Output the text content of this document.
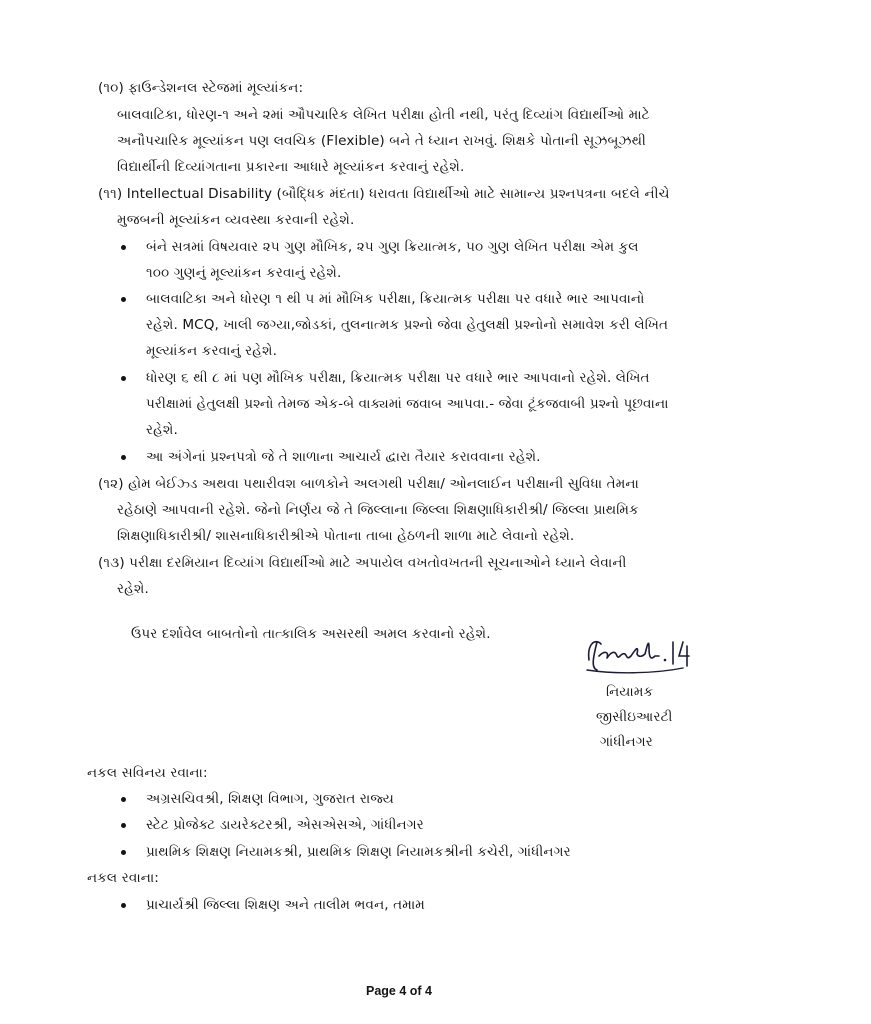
(૧૦) ફાઉન્ડેશનલ સ્ટેજમાં મૂલ્યાંકન:
બાલવાટિકા, ધોરણ-૧ અને ૨માં ઔપચારિક લેખિત પરીક્ષા હોતી નથી, પરંતુ દિવ્યાંગ વિદ્યાર્થીઓ માટે
અનૌપચારિક મૂલ્યાંકન પણ લવચિક (Flexible) બને તે ધ્યાન રાખવું. શિક્ષકે પોતાની સૂઝબૂઝથી
વિદ્યાર્થીની દિવ્યાંગતાના પ્રકારના આધારે મૂલ્યાંકન કરવાનું રહેશે.
(૧૧) Intellectual Disability (બૌદ્ધિક મંદતા) ધરાવતા વિદ્યાર્થીઓ માટે સામાન્ય પ્રશ્નપત્રના બદલે નીચે
મુજબની મૂલ્યાંકન વ્યવસ્થા કરવાની રહેશે.
બંને સત્રમાં વિષયવાર ૨૫ ગુણ મૌખિક, ૨૫ ગુણ ક્રિયાત્મક, ૫૦ ગુણ લેખિત પરીક્ષા એમ કુલ
૧૦૦ ગુણનું મૂલ્યાંકન કરવાનું રહેશે.
બાલવાટિકા અને ધોરણ ૧ થી ૫ માં મૌખિક પરીક્ષા, ક્રિયાત્મક પરીક્ષા પર વધારે ભાર આપવાનો
રહેશે. MCQ, ખાલી જગ્યા,જોડકાં, તુલનાત્મક પ્રશ્નો જેવા હેતુલક્ષી પ્રશ્નોનો સમાવેશ કરી લેખિત
મૂલ્યાંકન કરવાનું રહેશે.
ધોરણ ૬ થી ૮ માં પણ મૌખિક પરીક્ષા, ક્રિયાત્મક પરીક્ષા પર વધારે ભાર આપવાનો રહેશે. લેખિત
પરીક્ષામાં હેતુલક્ષી પ્રશ્નો તેમજ એક-બે વાક્યમાં જવાબ આપવા.- જેવા ટૂંકજવાબી પ્રશ્નો પૂછવાના
રહેશે.
આ અંગેનાં પ્રશ્નપત્રો જે તે શાળાના આચાર્ય દ્વારા તૈયાર કરાવવાના રહેશે.
(૧૨) હોમ બેઈઝ્ડ અથવા પથારીવશ બાળકોને અલગથી પરીક્ષા/ ઓનલાઈન પરીક્ષાની સુવિધા તેમના
રહેઠાણે આપવાની રહેશે. જેનો નિર્ણય જે તે જિલ્લાના જિલ્લા શિક્ષણાધિકારીશ્રી/ જિલ્લા પ્રાથમિક
શિક્ષણાધિકારીશ્રી/ શાસનાધિકારીશ્રીએ પોતાના તાબા હેઠળની શાળા માટે લેવાનો રહેશે.
(૧૩) પરીક્ષા દરમિયાન દિવ્યાંગ વિદ્યાર્થીઓ માટે અપાયેલ વખતોવખતની સૂચનાઓને ધ્યાને લેવાની
રહેશે.
ઉપર દર્શાવેલ બાબતોનો તાત્કાલિક અસરથી અમલ કરવાનો રહેશે.
નિયામક
જીસીઇઆરટી
ગાંધીનગર
નકલ સવિનય રવાના:
અગ્રસચિવશ્રી, શિક્ષણ વિભાગ, ગુજરાત રાજ્ય
સ્ટેટ પ્રોજેક્ટ ડાયરેક્ટરશ્રી, એસએસએ, ગાંધીનગર
પ્રાથમિક શિક્ષણ નિયામકશ્રી, પ્રાથમિક શિક્ષણ નિયામકશ્રીની કચેરી, ગાંધીનગર
નકલ રવાના:
પ્રાચાર્યશ્રી જિલ્લા શિક્ષણ અને તાલીમ ભવન, તમામ
Page 4 of 4
